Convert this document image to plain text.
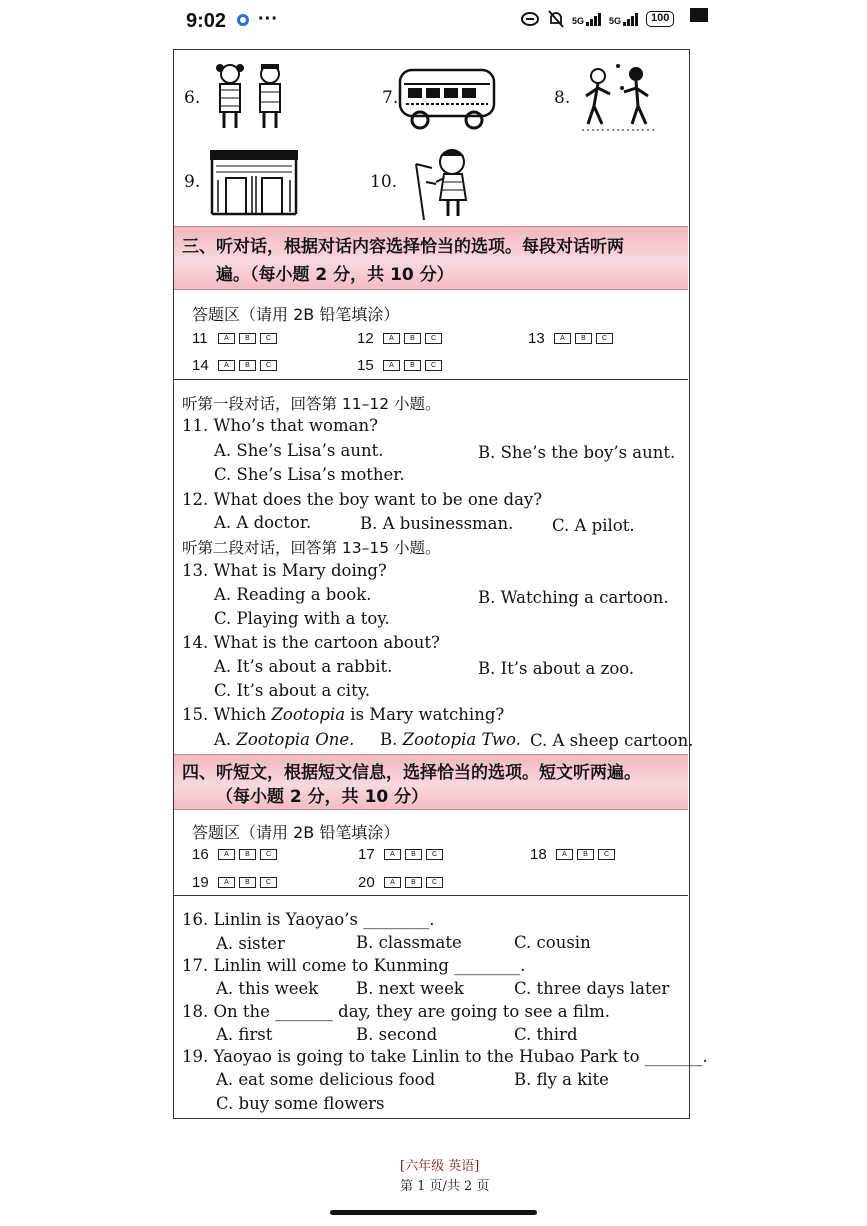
9:02 ···	5G	5G	100
6.	7.	8.
9.	10.
三、听对话，根据对话内容选择恰当的选项。每段对话听两
遍。（每小题 2 分，共 10 分）
答题区（请用 2B 铅笔填涂）
11	A	B	C	12	A	B	C	13	A	B	C
14	A	B	C	15	A	B	C
听第一段对话，回答第 11–12 小题。
11. Who’s that woman?
A. She’s Lisa’s aunt.	B. She’s the boy’s aunt.
C. She’s Lisa’s mother.
12. What does the boy want to be one day?
A. A doctor.	B. A businessman. C. A pilot.
听第二段对话，回答第 13–15 小题。
13. What is Mary doing?
A. Reading a book.	B. Watching a cartoon.
C. Playing with a toy.
14. What is the cartoon about?
A. It’s about a rabbit.	B. It’s about a zoo.
C. It’s about a city.
15. Which Zootopia is Mary watching?
A. Zootopia One. B. Zootopia Two. C. A sheep cartoon.
四、听短文，根据短文信息，选择恰当的选项。短文听两遍。
（每小题 2 分，共 10 分）
答题区（请用 2B 铅笔填涂）
16	A	B	C	17	A	B	C	18	A	B	C
19	A	B	C	20	A	B	C
16. Linlin is Yaoyao’s ________.
A. sister	B. classmate	C. cousin
17. Linlin will come to Kunming ________.
A. this week B. next week	C. three days later
18. On the _______ day, they are going to see a film.
A. first	B. second	C. third
19. Yaoyao is going to take Linlin to the Hubao Park to _______.
A. eat some delicious food	B. fly a kite
C. buy some flowers
[六年级 英语]
第 1 页/共 2 页
